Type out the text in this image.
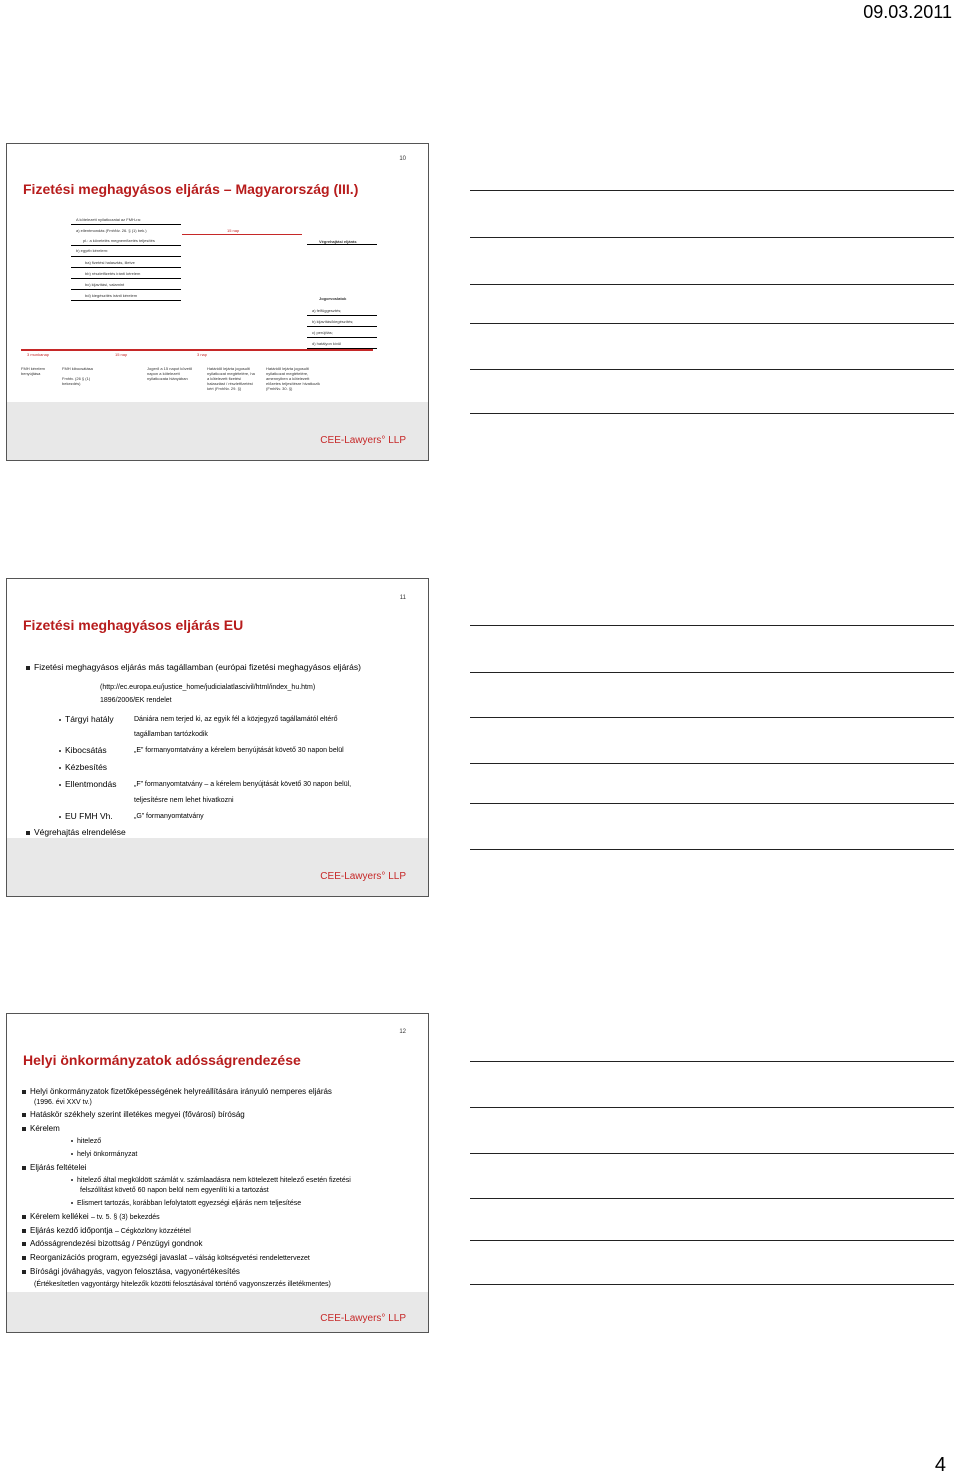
09.03.2011
10
Fizetési meghagyásos eljárás – Magyarország (III.)
A kötelezett nyilatkozatai az FMH-ra:
a) ellentmondás (FmhNv. 26. § (1) bek.)
pl.: a követelés megnemfizetés teljesítés
b) egyéb kérelem:
ba) fizetési halasztás, illetve
bb) részletfizetés iránti kérelem
bc) kijavítási, valamint
bd) kiegészítés iránti kérelem
15 nap
Végrehajtási eljárás
Jogorvoslatok
a) felfüggesztés;
b) kijavítás/kiegészítés;
c) perújítás;
d) hatályon kívül
3 munkanap	15 nap	3 nap
FMH kérelem
benyújtása
FMH kibocsátása

Fmhtv. (26 § (1)
bekezdés)
Jogerő a 15 napot követő
napon a kötelezett
nyilatkozata hiányában
Határidő lejárta jogosulti
nyilatkozat megtételére, ha
a kötelezett fizetési
halasztást / részletfizetést
kért (FmhNv. 29. §)
Határidő lejárta jogosulti
nyilatkozat megtételére,
amennyiben a kötelezett
előzetes teljesítésre hivatkozik
(FmhNv. 30. §)
CEE-Lawyers° LLP
11
Fizetési meghagyásos eljárás EU
Fizetési meghagyásos eljárás más tagállamban (európai fizetési meghagyásos eljárás)
(http://ec.europa.eu/justice_home/judicialatlascivil/html/index_hu.htm)
1896/2006/EK rendelet
Tárgyi hatály	Dániára nem terjed ki, az egyik fél a közjegyző tagállamától eltérő
tagállamban tartózkodik
Kibocsátás	„E” formanyomtatvány a kérelem benyújtását követő 30 napon belül
Kézbesítés
Ellentmondás „F” formanyomtatvány – a kérelem benyújtását követő 30 napon belül,
teljesítésre nem lehet hivatkozni
EU FMH Vh.	„G” formanyomtatvány
Végrehajtás elrendelése
CEE-Lawyers° LLP
12
Helyi önkormányzatok adósságrendezése
Helyi önkormányzatok fizetőképességének helyreállítására irányuló nemperes eljárás
(1996. évi XXV tv.)
Hatáskör székhely szerint illetékes megyei (fővárosi) bíróság
Kérelem
hitelező
helyi önkormányzat
Eljárás feltételei
hitelező által megküldött számlát v. számlaadásra nem kötelezett hitelező esetén fizetési
felszólítást követő 60 napon belül nem egyenlíti ki a tartozást
Elismert tartozás, korábban lefolytatott egyezségi eljárás nem teljesítése
Kérelem kellékei – tv. 5. § (3) bekezdés
Eljárás kezdő időpontja – Cégközlöny közzététel
Adósságrendezési bizottság / Pénzügyi gondnok
Reorganizációs program, egyezségi javaslat – válság költségvetési rendelettervezet
Bírósági jóváhagyás, vagyon felosztása, vagyonértékesítés
(Értékesítetlen vagyontárgy hitelezők közötti felosztásával történő vagyonszerzés illetékmentes)
CEE-Lawyers° LLP
4
